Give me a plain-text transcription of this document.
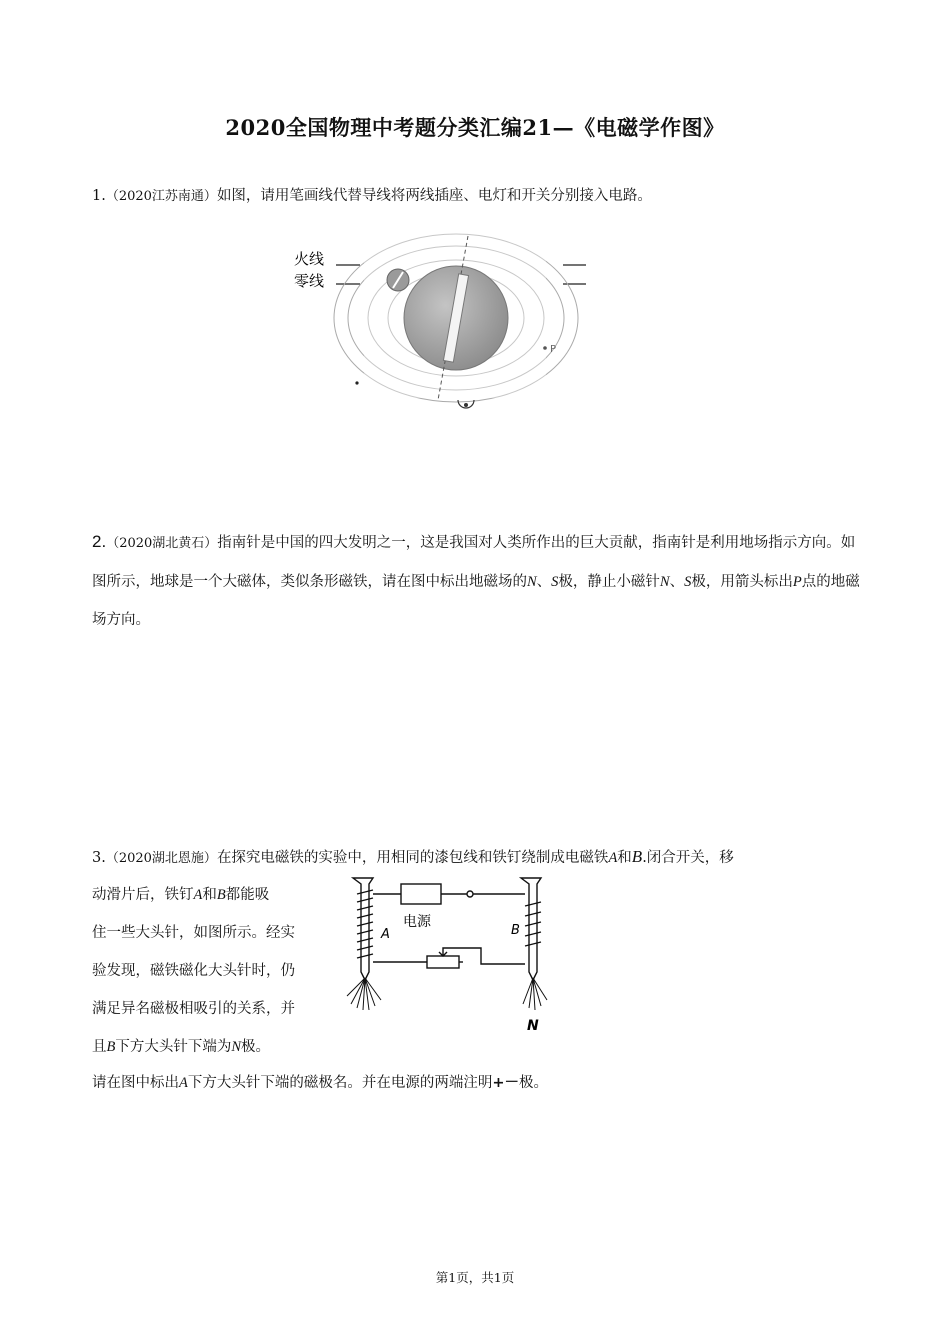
2020全国物理中考题分类汇编21—《电磁学作图》
1.（2020江苏南通）如图，请用笔画线代替导线将两线插座、电灯和开关分别接入电路。
火线
零线
P
2.（2020湖北黄石）指南针是中国的四大发明之一，这是我国对人类所作出的巨大贡献，指南针是利用地场指示方向。如图所示，地球是一个大磁体，类似条形磁铁，请在图中标出地磁场的N、S极，静止小磁针N、S极，用箭头标出P点的地磁场方向。
3.（2020湖北恩施）在探究电磁铁的实验中，用相同的漆包线和铁钉绕制成电磁铁A和B.闭合开关，移
动滑片后，铁钉A和B都能吸
住一些大头针，如图所示。经实
验发现，磁铁磁化大头针时，仍
满足异名磁极相吸引的关系，并
且B下方大头针下端为N极。
电源
A	B
N
请在图中标出A下方大头针下端的磁极名。并在电源的两端注明+－极。
第1页，共1页
